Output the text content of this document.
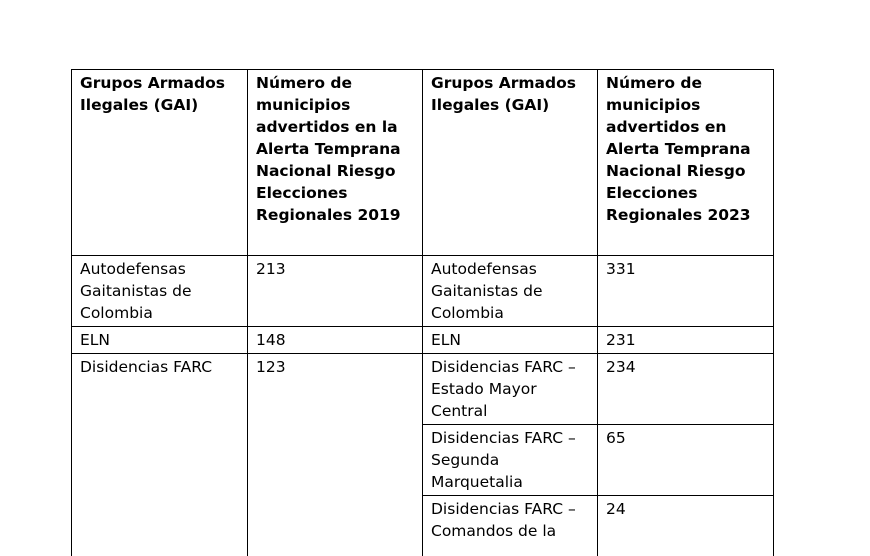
Grupos Armados Ilegales (GAI)	Número de municipios advertidos en la Alerta Temprana Nacional Riesgo Elecciones Regionales 2019	Grupos Armados Ilegales (GAI)	Número de municipios advertidos en Alerta Temprana Nacional Riesgo Elecciones Regionales 2023
Autodefensas Gaitanistas de Colombia	213	Autodefensas Gaitanistas de Colombia	331
ELN	148	ELN	231
Disidencias FARC	123	Disidencias FARC – Estado Mayor Central	234
		Disidencias FARC – Segunda Marquetalia	65
		Disidencias FARC – Comandos de la	24
